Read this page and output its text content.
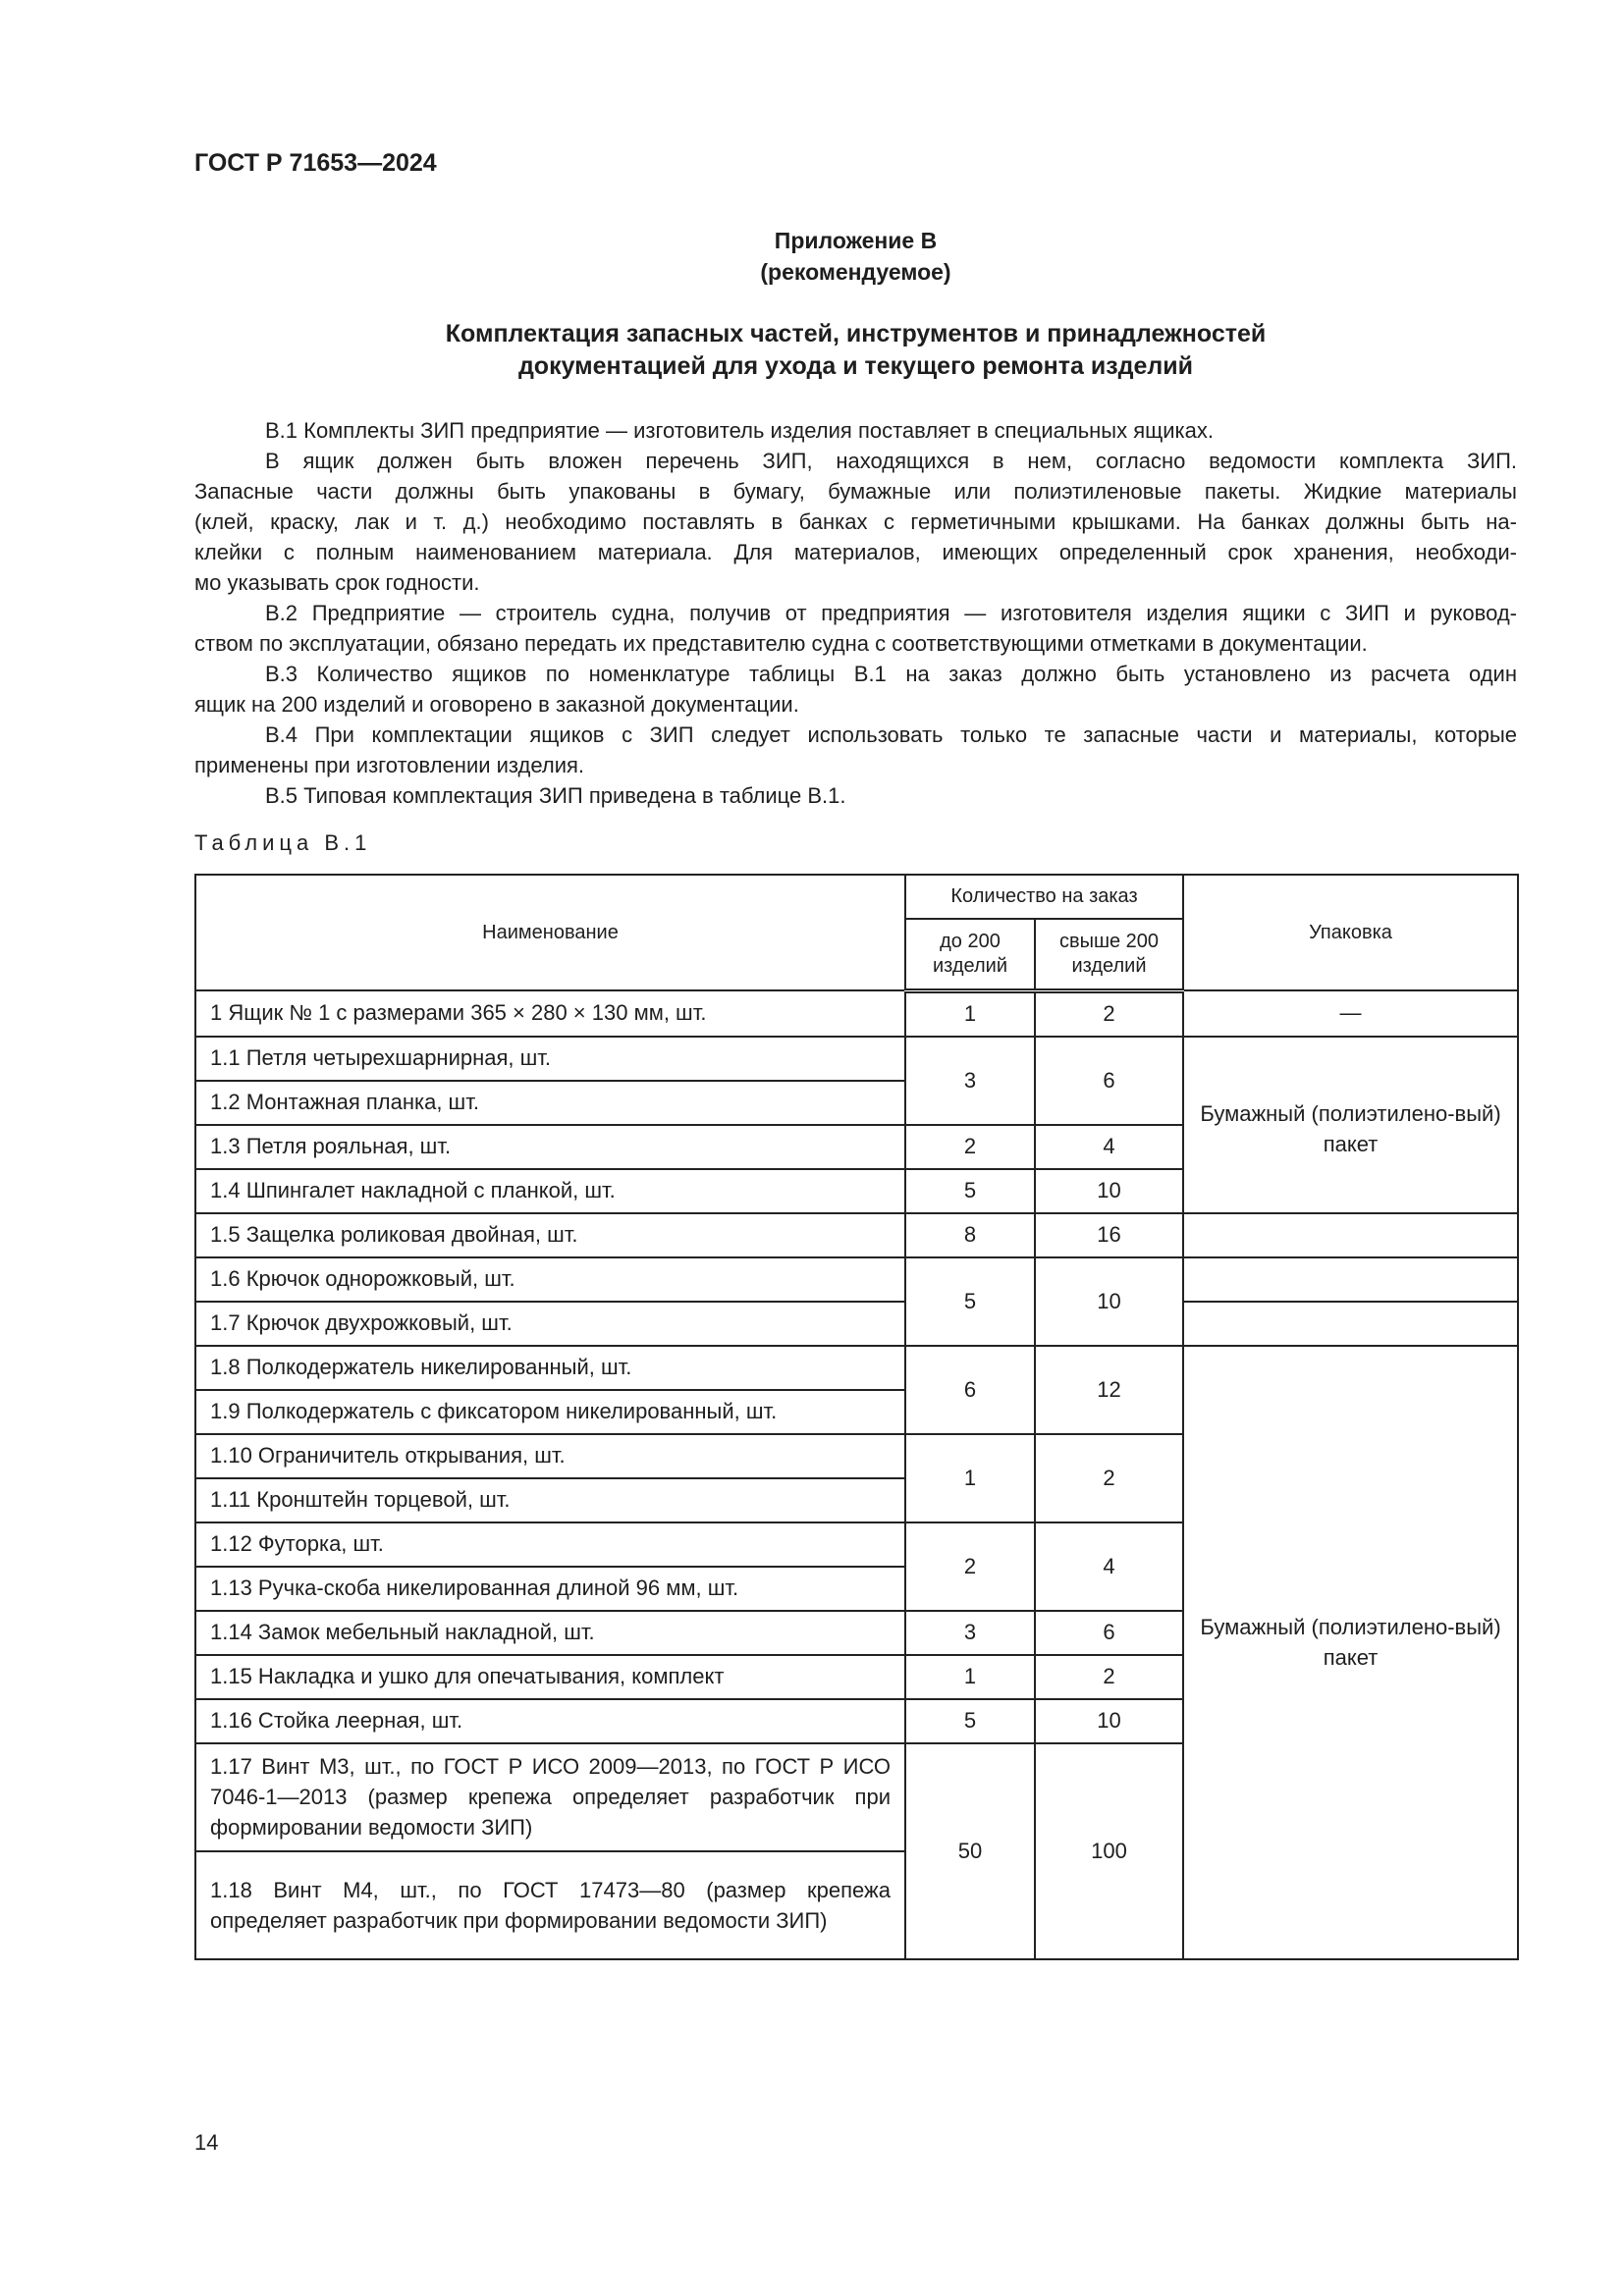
ГОСТ Р 71653—2024
Приложение В
(рекомендуемое)
Комплектация запасных частей, инструментов и принадлежностей
документацией для ухода и текущего ремонта изделий
В.1 Комплекты ЗИП предприятие — изготовитель изделия поставляет в специальных ящиках.
В ящик должен быть вложен перечень ЗИП, находящихся в нем, согласно ведомости комплекта ЗИП.
Запасные части должны быть упакованы в бумагу, бумажные или полиэтиленовые пакеты. Жидкие материалы
(клей, краску, лак и т. д.) необходимо поставлять в банках с герметичными крышками. На банках должны быть на-
клейки с полным наименованием материала. Для материалов, имеющих определенный срок хранения, необходи-
мо указывать срок годности.
В.2 Предприятие — строитель судна, получив от предприятия — изготовителя изделия ящики с ЗИП и руковод-
ством по эксплуатации, обязано передать их представителю судна с соответствующими отметками в документации.
В.3 Количество ящиков по номенклатуре таблицы В.1 на заказ должно быть установлено из расчета один
ящик на 200 изделий и оговорено в заказной документации.
В.4 При комплектации ящиков с ЗИП следует использовать только те запасные части и материалы, которые
применены при изготовлении изделия.
В.5 Типовая комплектация ЗИП приведена в таблице В.1.
Таблица В.1
Наименование	Количество на заказ		Упаковка
	до 200 изделий	свыше 200 изделий	
1 Ящик № 1 с размерами 365 × 280 × 130 мм, шт.	1	2	—
1.1 Петля четырехшарнирная, шт.	3	6	Бумажный (полиэтилено-вый) пакет
1.2 Монтажная планка, шт.			
1.3 Петля рояльная, шт.	2	4	
1.4 Шпингалет накладной с планкой, шт.	5	10	
1.5 Защелка роликовая двойная, шт.	8	16	
1.6 Крючок однорожковый, шт.	5	10	
1.7 Крючок двухрожковый, шт.			
1.8 Полкодержатель никелированный, шт.	6	12	Бумажный (полиэтилено-вый) пакет
1.9 Полкодержатель с фиксатором никелированный, шт.			
1.10 Ограничитель открывания, шт.	1	2	
1.11 Кронштейн торцевой, шт.			
1.12 Футорка, шт.	2	4	
1.13 Ручка-скоба никелированная длиной 96 мм, шт.			
1.14 Замок мебельный накладной, шт.	3	6	
1.15 Накладка и ушко для опечатывания, комплект	1	2	
1.16 Стойка леерная, шт.	5	10	
1.17 Винт М3, шт., по ГОСТ Р ИСО 2009—2013, по ГОСТ Р ИСО 7046-1—2013 (размер крепежа определяет разработчик при формировании ведомости ЗИП)	50	100	
1.18 Винт М4, шт., по ГОСТ 17473—80 (размер крепежа определяет разработчик при формировании ведомости ЗИП)			
14
